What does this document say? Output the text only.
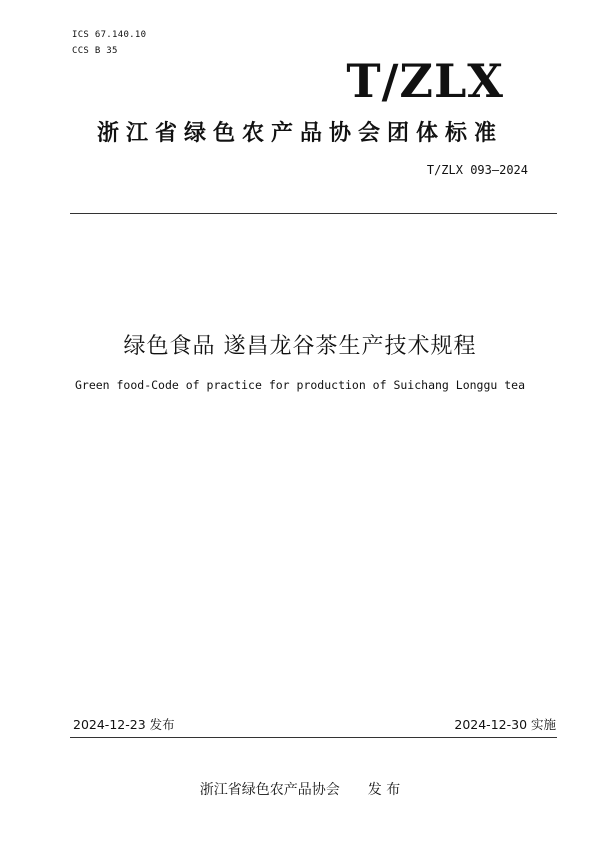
ICS 67.140.10
CCS B 35
T/ZLX
浙江省绿色农产品协会团体标准
T/ZLX 093—2024
绿色食品 遂昌龙谷茶生产技术规程
Green food-Code of practice for production of Suichang Longgu tea
2024-12-23 发布	2024-12-30 实施
浙江省绿色农产品协会 发 布
